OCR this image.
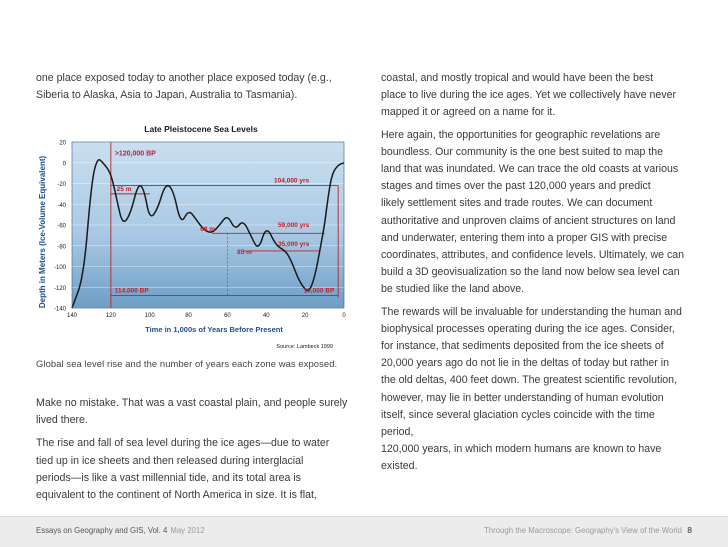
one place exposed today to another place exposed today (e.g.,
Siberia to Alaska, Asia to Japan, Australia to Tasmania).

Late Pleistocene Sea Levels
Depth in Meters (Ice-Volume Equivalent)
20
0
-20
-40
-60
-80
-100
-120
-140
140	120	100	80	60	40	20	0
>120,000 BP
25 m
104,000 yrs
59,000 yrs
68 m
35,000 yrs
85 m
114,000 BP	10,000 BP
Time in 1,000s of Years Before Present
Source: Lambeck 1999
Global sea level rise and the number of years each zone was exposed.

Make no mistake. That was a vast coastal plain, and people surely
lived there.

The rise and fall of sea level during the ice ages—due to water
tied up in ice sheets and then released during interglacial
periods—is like a vast millennial tide, and its total area is
equivalent to the continent of North America in size. It is flat,

coastal, and mostly tropical and would have been the best
place to live during the ice ages. Yet we collectively have never
mapped it or agreed on a name for it.

Here again, the opportunities for geographic revelations are
boundless. Our community is the one best suited to map the
land that was inundated. We can trace the old coasts at various
stages and times over the past 120,000 years and predict
likely settlement sites and trade routes. We can document
authoritative and unproven claims of ancient structures on land
and underwater, entering them into a proper GIS with precise
coordinates, attributes, and confidence levels. Ultimately, we can
build a 3D geovisualization so the land now below sea level can
be studied like the land above.

The rewards will be invaluable for understanding the human and
biophysical processes operating during the ice ages. Consider,
for instance, that sediments deposited from the ice sheets of
20,000 years ago do not lie in the deltas of today but rather in
the old deltas, 400 feet down. The greatest scientific revolution,
however, may lie in better understanding of human evolution
itself, since several glaciation cycles coincide with the time period,
120,000 years, in which modern humans are known to have
existed.

Essays on Geography and GIS, Vol. 4 May 2012	Through the Macroscope: Geography's View of the World 8
